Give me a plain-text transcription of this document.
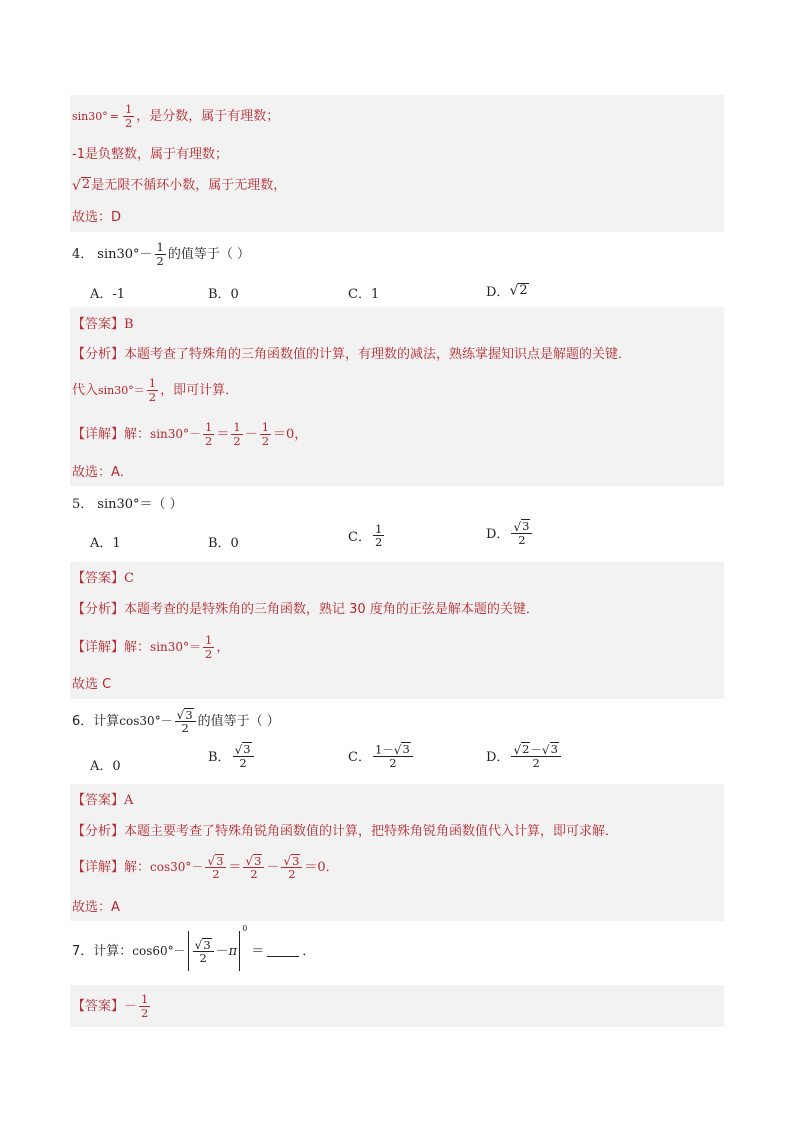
$\sin 30^\circ = \frac{1}{2}$ ，是分数，属于有理数；
-1是负整数，属于有理数；
√ 2 是无限不循环小数，属于无理数，
故选：D
4． $\sin 30^\circ- \frac{1}{2}$ 的值等于（ ）
A．-1	B．0	C．1	D． √ 2
【答案】 B
【分析】 本题考查了特殊角的三角函数值的计算，有理数的减法，熟练掌握知识点是解题的关键．
代入 $\sin 30^\circ= \frac{1}{2}$ ，即可计算．
【详解】 解： $\sin 30^\circ- \frac{1}{2} = \frac{1}{2} - \frac{1}{2} =0$，
故选：A．
5． sin30°＝（ ）
A．1	B．0	C． $\frac{1}{2}$	D． $\frac{√ 3}{2}$
【答案】 C
【分析】 本题考查的是特殊角的三角函数，熟记 30 度角的正弦是解本题的关键．
【详解】 解： $\sin 30^\circ= \frac{1}{2}$ ，
故选 C
6．计算 $\cos 30^\circ- \frac{√ 3}{2}$ 的值等于（ ）
A．0
B． $\frac{√ 3}{2}$	C． $\frac{1- √ 3}{2}$	D． $\frac{√ 2 - √ 3}{2}$
【答案】 A
【分析】 本题主要考查了特殊角锐角函数值的计算，把特殊角锐角函数值代入计算，即可求解．
【详解】 解： $\cos 30^\circ- \frac{√ 3}{2} = \frac{√ 3}{2} - \frac{√ 3}{2} =0$．
故选：A
7．计算： $\cos 60^\circ- \frac{√ 3}{2} - \pi$
0
＝	．
【答案】 － $\frac{1}{2}$
